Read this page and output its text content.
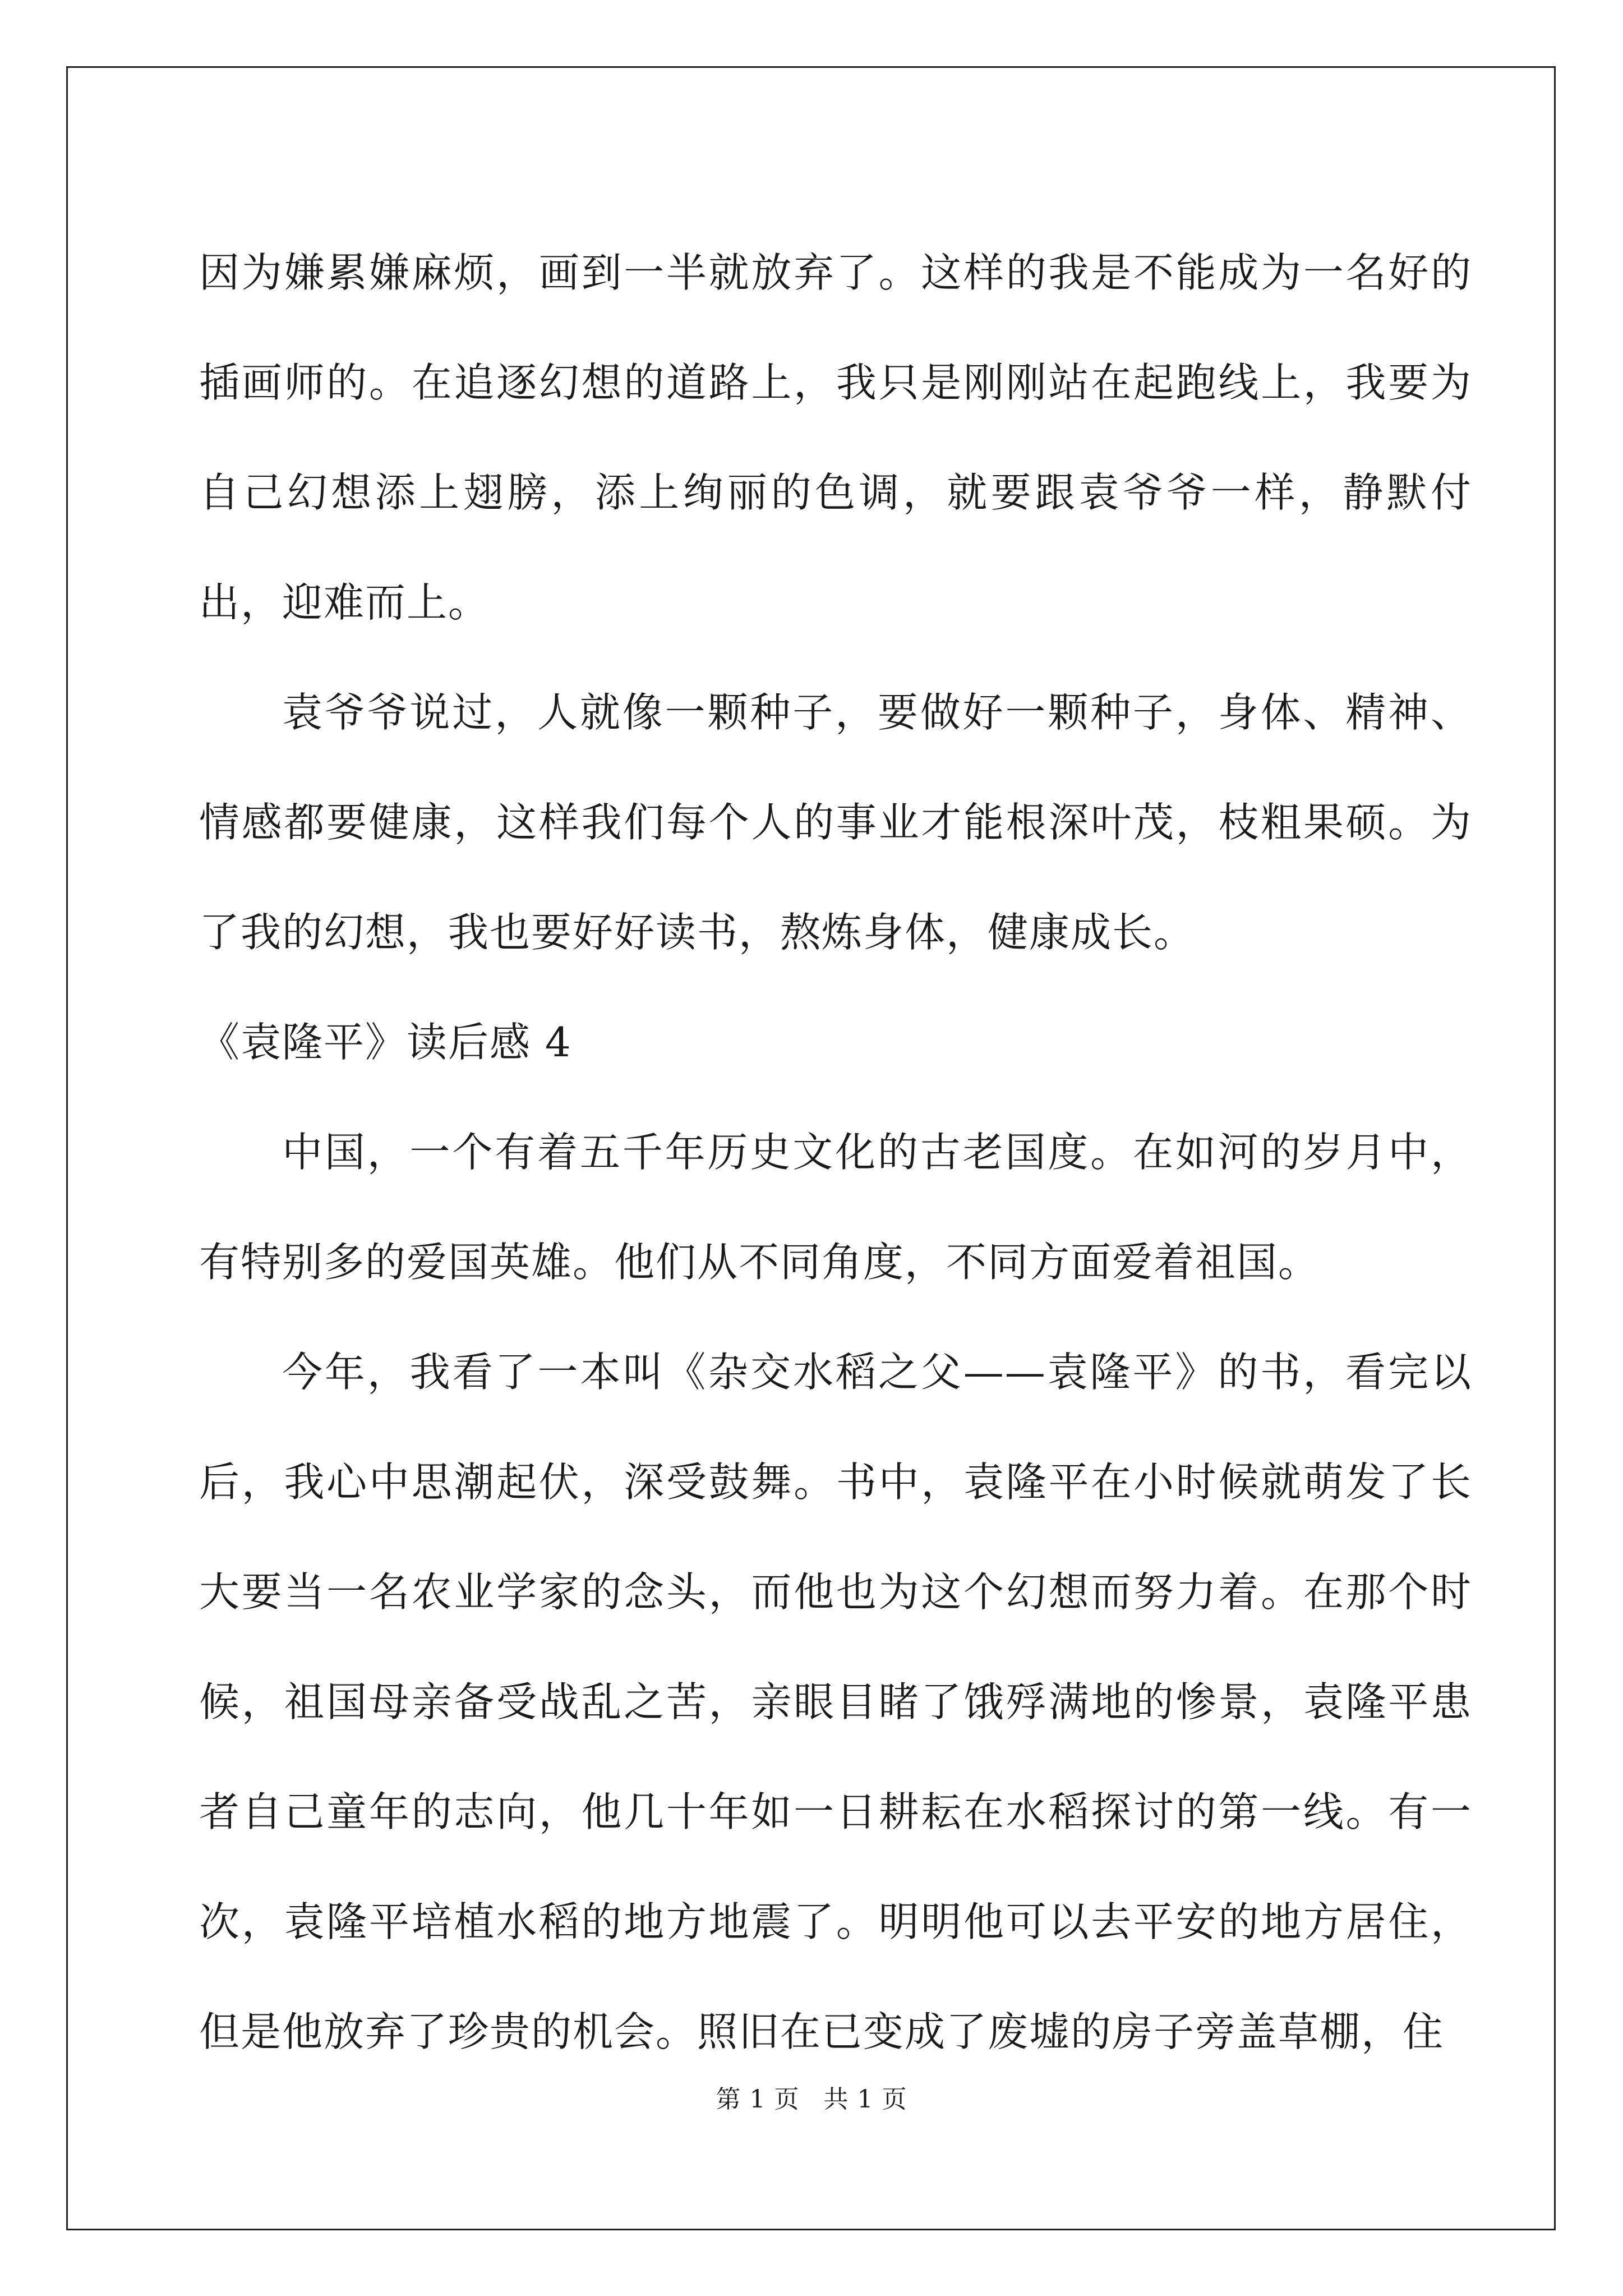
因为嫌累嫌麻烦，画到一半就放弃了。这样的我是不能成为一名好的插画师的。在追逐幻想的道路上，我只是刚刚站在起跑线上，我要为自己幻想添上翅膀，添上绚丽的色调，就要跟袁爷爷一样，静默付出，迎难而上。

袁爷爷说过，人就像一颗种子，要做好一颗种子，身体、精神、情感都要健康，这样我们每个人的事业才能根深叶茂，枝粗果硕。为了我的幻想，我也要好好读书，熬炼身体，健康成长。

《袁隆平》读后感 4

中国，一个有着五千年历史文化的古老国度。在如河的岁月中，有特别多的爱国英雄。他们从不同角度，不同方面爱着祖国。

今年，我看了一本叫《杂交水稻之父——袁隆平》的书，看完以后，我心中思潮起伏，深受鼓舞。书中，袁隆平在小时候就萌发了长大要当一名农业学家的念头，而他也为这个幻想而努力着。在那个时候，祖国母亲备受战乱之苦，亲眼目睹了饿殍满地的惨景，袁隆平患者自己童年的志向，他几十年如一日耕耘在水稻探讨的第一线。有一次，袁隆平培植水稻的地方地震了。明明他可以去平安的地方居住，但是他放弃了珍贵的机会。照旧在已变成了废墟的房子旁盖草棚，住

第 1 页 共 1 页
